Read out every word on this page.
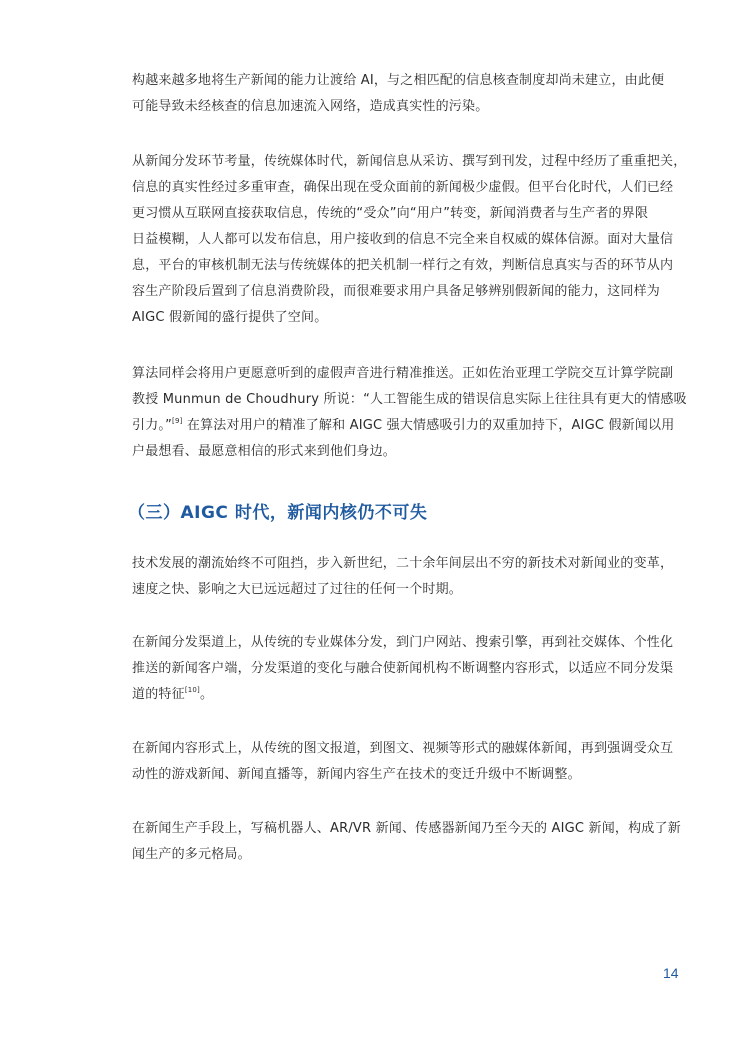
构越来越多地将生产新闻的能力让渡给 AI，与之相匹配的信息核查制度却尚未建立，由此便
可能导致未经核查的信息加速流入网络，造成真实性的污染。

从新闻分发环节考量，传统媒体时代，新闻信息从采访、撰写到刊发，过程中经历了重重把关，
信息的真实性经过多重审查，确保出现在受众面前的新闻极少虚假。但平台化时代，人们已经
更习惯从互联网直接获取信息，传统的“受众”向“用户”转变，新闻消费者与生产者的界限
日益模糊，人人都可以发布信息，用户接收到的信息不完全来自权威的媒体信源。面对大量信
息，平台的审核机制无法与传统媒体的把关机制一样行之有效，判断信息真实与否的环节从内
容生产阶段后置到了信息消费阶段，而很难要求用户具备足够辨别假新闻的能力，这同样为
AIGC 假新闻的盛行提供了空间。

算法同样会将用户更愿意听到的虚假声音进行精准推送。正如佐治亚理工学院交互计算学院副
教授 Munmun de Choudhury 所说：“人工智能生成的错误信息实际上往往具有更大的情感吸
引力。”[9] 在算法对用户的精准了解和 AIGC 强大情感吸引力的双重加持下，AIGC 假新闻以用
户最想看、最愿意相信的形式来到他们身边。

（三）AIGC 时代，新闻内核仍不可失

技术发展的潮流始终不可阻挡，步入新世纪，二十余年间层出不穷的新技术对新闻业的变革，
速度之快、影响之大已远远超过了过往的任何一个时期。

在新闻分发渠道上，从传统的专业媒体分发，到门户网站、搜索引擎，再到社交媒体、个性化
推送的新闻客户端，分发渠道的变化与融合使新闻机构不断调整内容形式，以适应不同分发渠
道的特征[10]。

在新闻内容形式上，从传统的图文报道，到图文、视频等形式的融媒体新闻，再到强调受众互
动性的游戏新闻、新闻直播等，新闻内容生产在技术的变迁升级中不断调整。

在新闻生产手段上，写稿机器人、AR/VR 新闻、传感器新闻乃至今天的 AIGC 新闻，构成了新
闻生产的多元格局。

14
